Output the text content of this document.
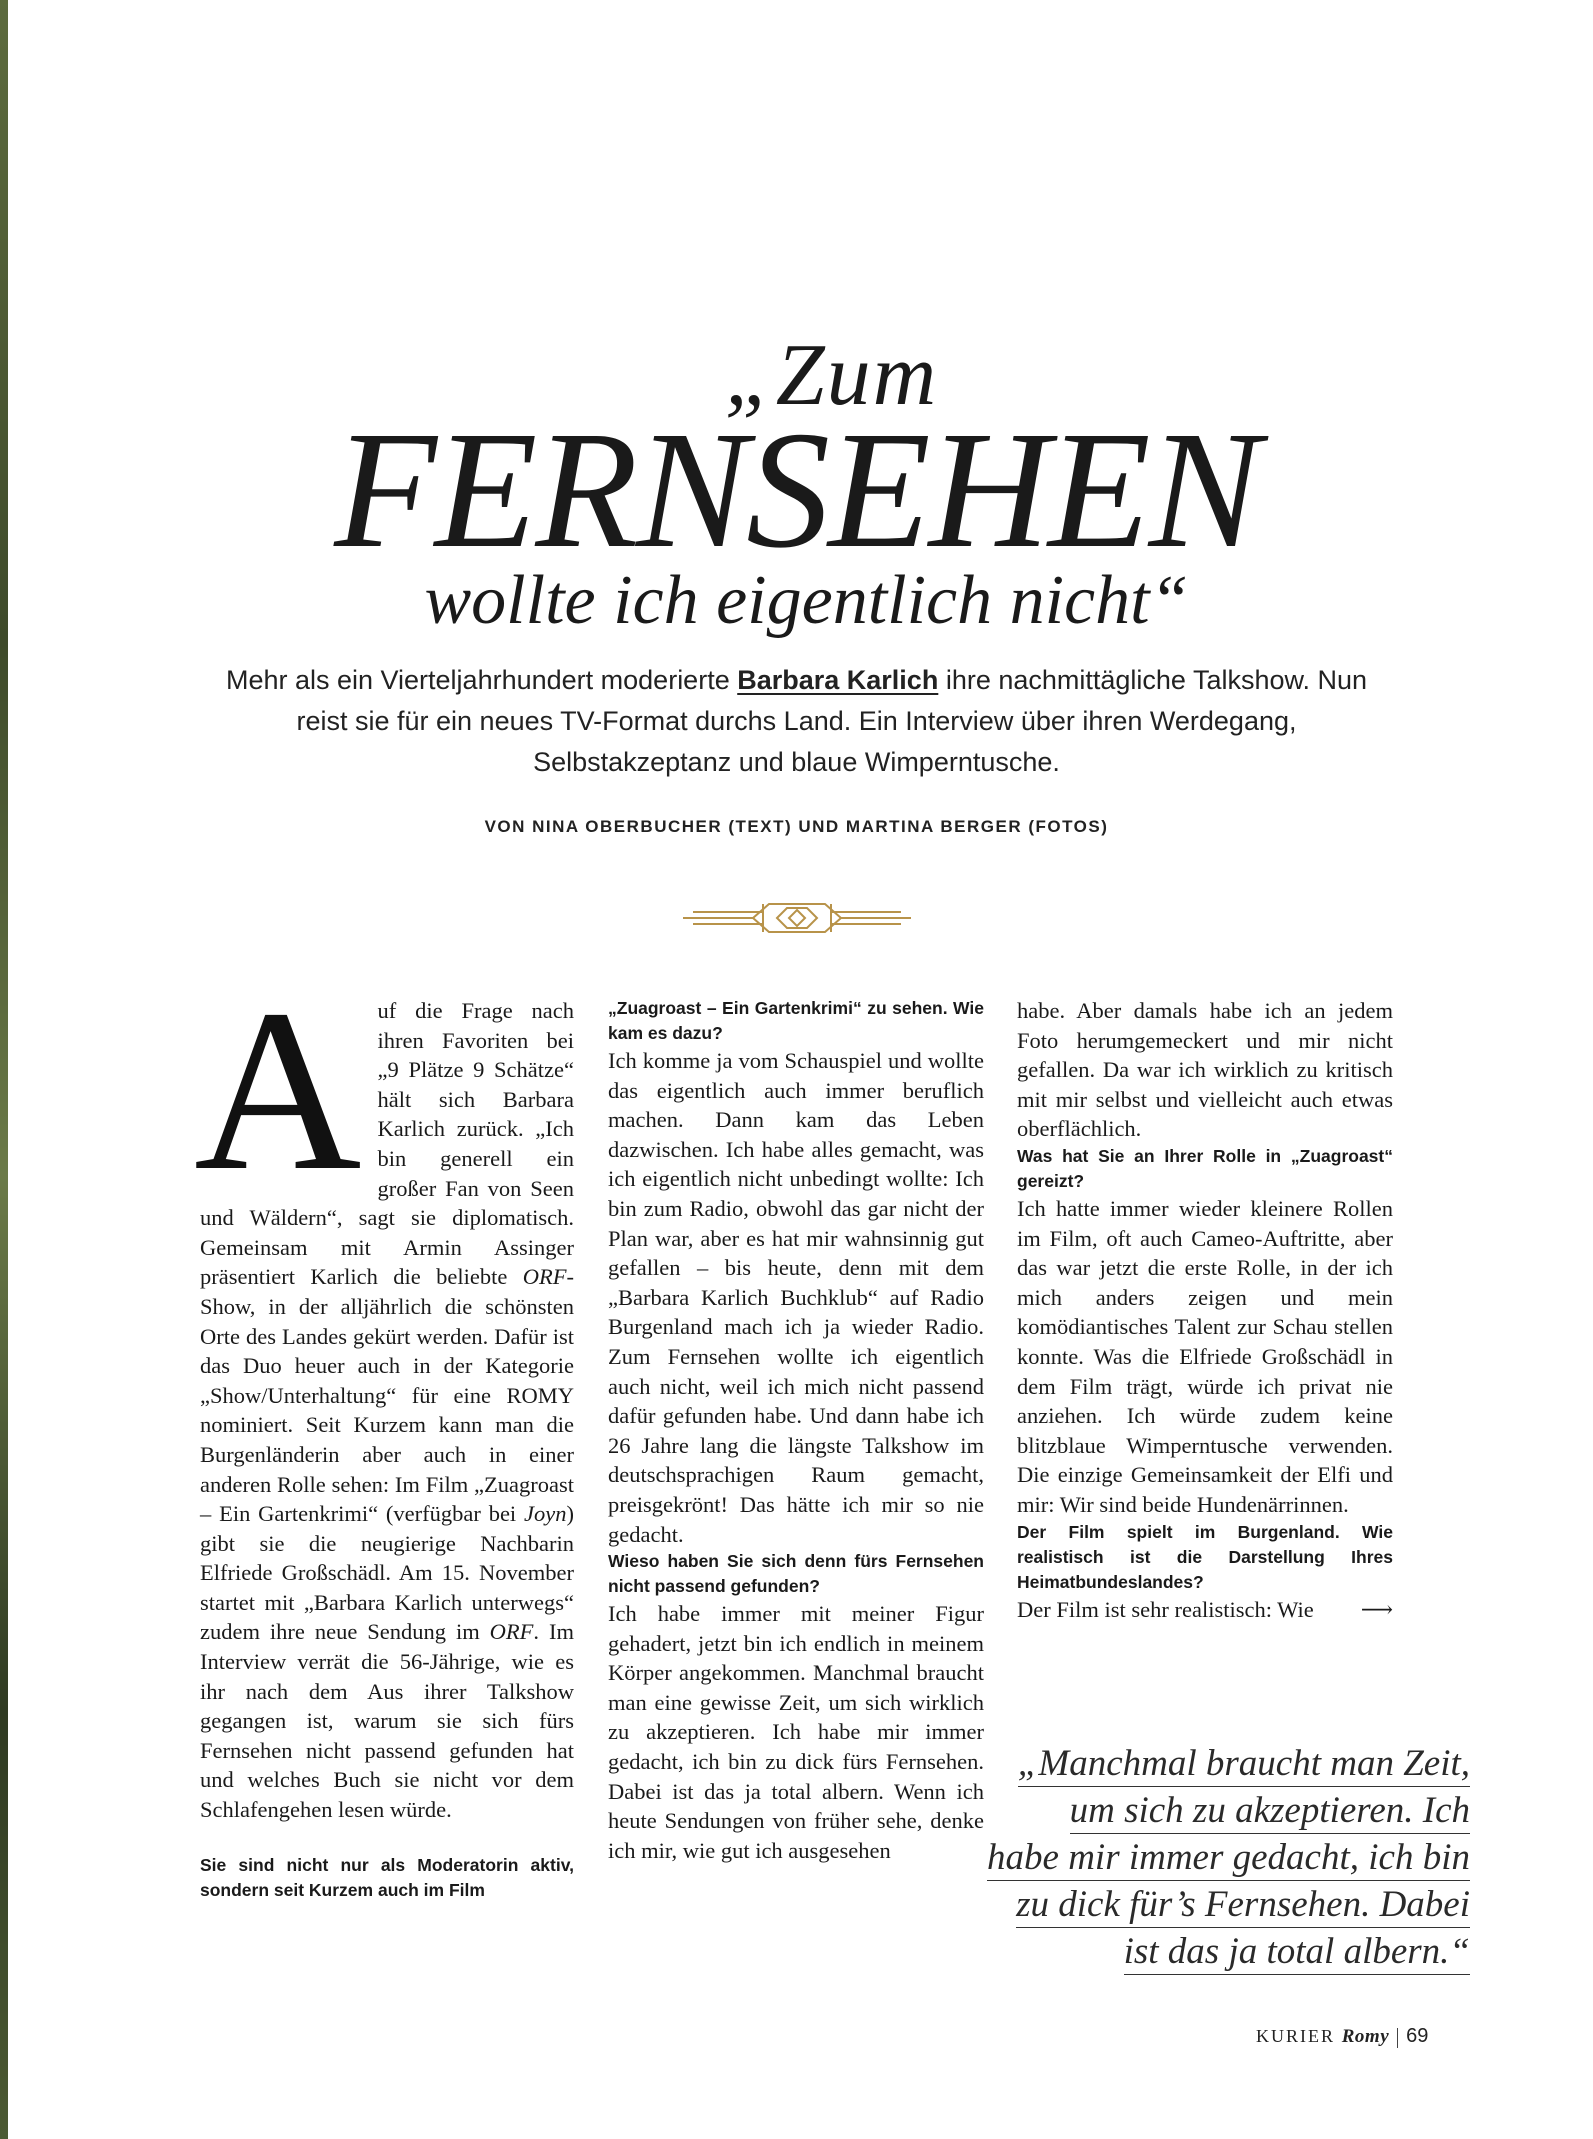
„Zum
FERNSEHEN
wollte ich eigentlich nicht“
Mehr als ein Vierteljahrhundert moderierte Barbara Karlich ihre nachmittägliche Talkshow. Nun reist sie für ein neues TV-Format durchs Land. Ein Interview über ihren Werdegang, Selbstakzeptanz und blaue Wimperntusche.
VON NINA OBERBUCHER (TEXT) UND MARTINA BERGER (FOTOS)
A uf die Frage nach ihren Favoriten bei „9 Plätze 9 Schätze“ hält sich Barbara Karlich zurück. „Ich bin generell ein großer Fan von Seen und Wäldern“, sagt sie diplomatisch. Gemeinsam mit Armin Assinger präsentiert Karlich die beliebte ORF-Show, in der alljährlich die schönsten Orte des Landes gekürt werden. Dafür ist das Duo heuer auch in der Kategorie „Show/Unterhaltung“ für eine ROMY nominiert. Seit Kurzem kann man die Burgenländerin aber auch in einer anderen Rolle sehen: Im Film „Zuagroast – Ein Gartenkrimi“ (verfügbar bei Joyn) gibt sie die neugierige Nachbarin Elfriede Großschädl. Am 15. November startet mit „Barbara Karlich unterwegs“ zudem ihre neue Sendung im ORF. Im Interview verrät die 56-Jährige, wie es ihr nach dem Aus ihrer Talkshow gegangen ist, warum sie sich fürs Fernsehen nicht passend gefunden hat und welches Buch sie nicht vor dem Schlafengehen lesen würde.

Sie sind nicht nur als Moderatorin aktiv, sondern seit Kurzem auch im Film

„Zuagroast – Ein Gartenkrimi“ zu sehen. Wie kam es dazu?

Ich komme ja vom Schauspiel und wollte das eigentlich auch immer beruflich machen. Dann kam das Leben dazwischen. Ich habe alles gemacht, was ich eigentlich nicht unbedingt wollte: Ich bin zum Radio, obwohl das gar nicht der Plan war, aber es hat mir wahnsinnig gut gefallen – bis heute, denn mit dem „Barbara Karlich Buchklub“ auf Radio Burgenland mach ich ja wieder Radio. Zum Fernsehen wollte ich eigentlich auch nicht, weil ich mich nicht passend dafür gefunden habe. Und dann habe ich 26 Jahre lang die längste Talkshow im deutschsprachigen Raum gemacht, preisgekrönt! Das hätte ich mir so nie gedacht.

Wieso haben Sie sich denn fürs Fernsehen nicht passend gefunden?

Ich habe immer mit meiner Figur gehadert, jetzt bin ich endlich in meinem Körper angekommen. Manchmal braucht man eine gewisse Zeit, um sich wirklich zu akzeptieren. Ich habe mir immer gedacht, ich bin zu dick fürs Fernsehen. Dabei ist das ja total albern. Wenn ich heute Sendungen von früher sehe, denke ich mir, wie gut ich ausgesehen

habe. Aber damals habe ich an jedem Foto herumgemeckert und mir nicht gefallen. Da war ich wirklich zu kritisch mit mir selbst und vielleicht auch etwas oberflächlich.

Was hat Sie an Ihrer Rolle in „Zuagroast“ gereizt?

Ich hatte immer wieder kleinere Rollen im Film, oft auch Cameo-Auftritte, aber das war jetzt die erste Rolle, in der ich mich anders zeigen und mein komödiantisches Talent zur Schau stellen konnte. Was die Elfriede Großschädl in dem Film trägt, würde ich privat nie anziehen. Ich würde zudem keine blitzblaue Wimperntusche verwenden. Die einzige Gemeinsamkeit der Elfi und mir: Wir sind beide Hundenärrinnen.

Der Film spielt im Burgenland. Wie realistisch ist die Darstellung Ihres Heimatbundeslandes?

Der Film ist sehr realistisch: Wie ⟶

„Manchmal braucht man Zeit,
um sich zu akzeptieren. Ich
habe mir immer gedacht, ich bin
zu dick für’s Fernsehen. Dabei
ist das ja total albern.“
KURIER Romy 69
